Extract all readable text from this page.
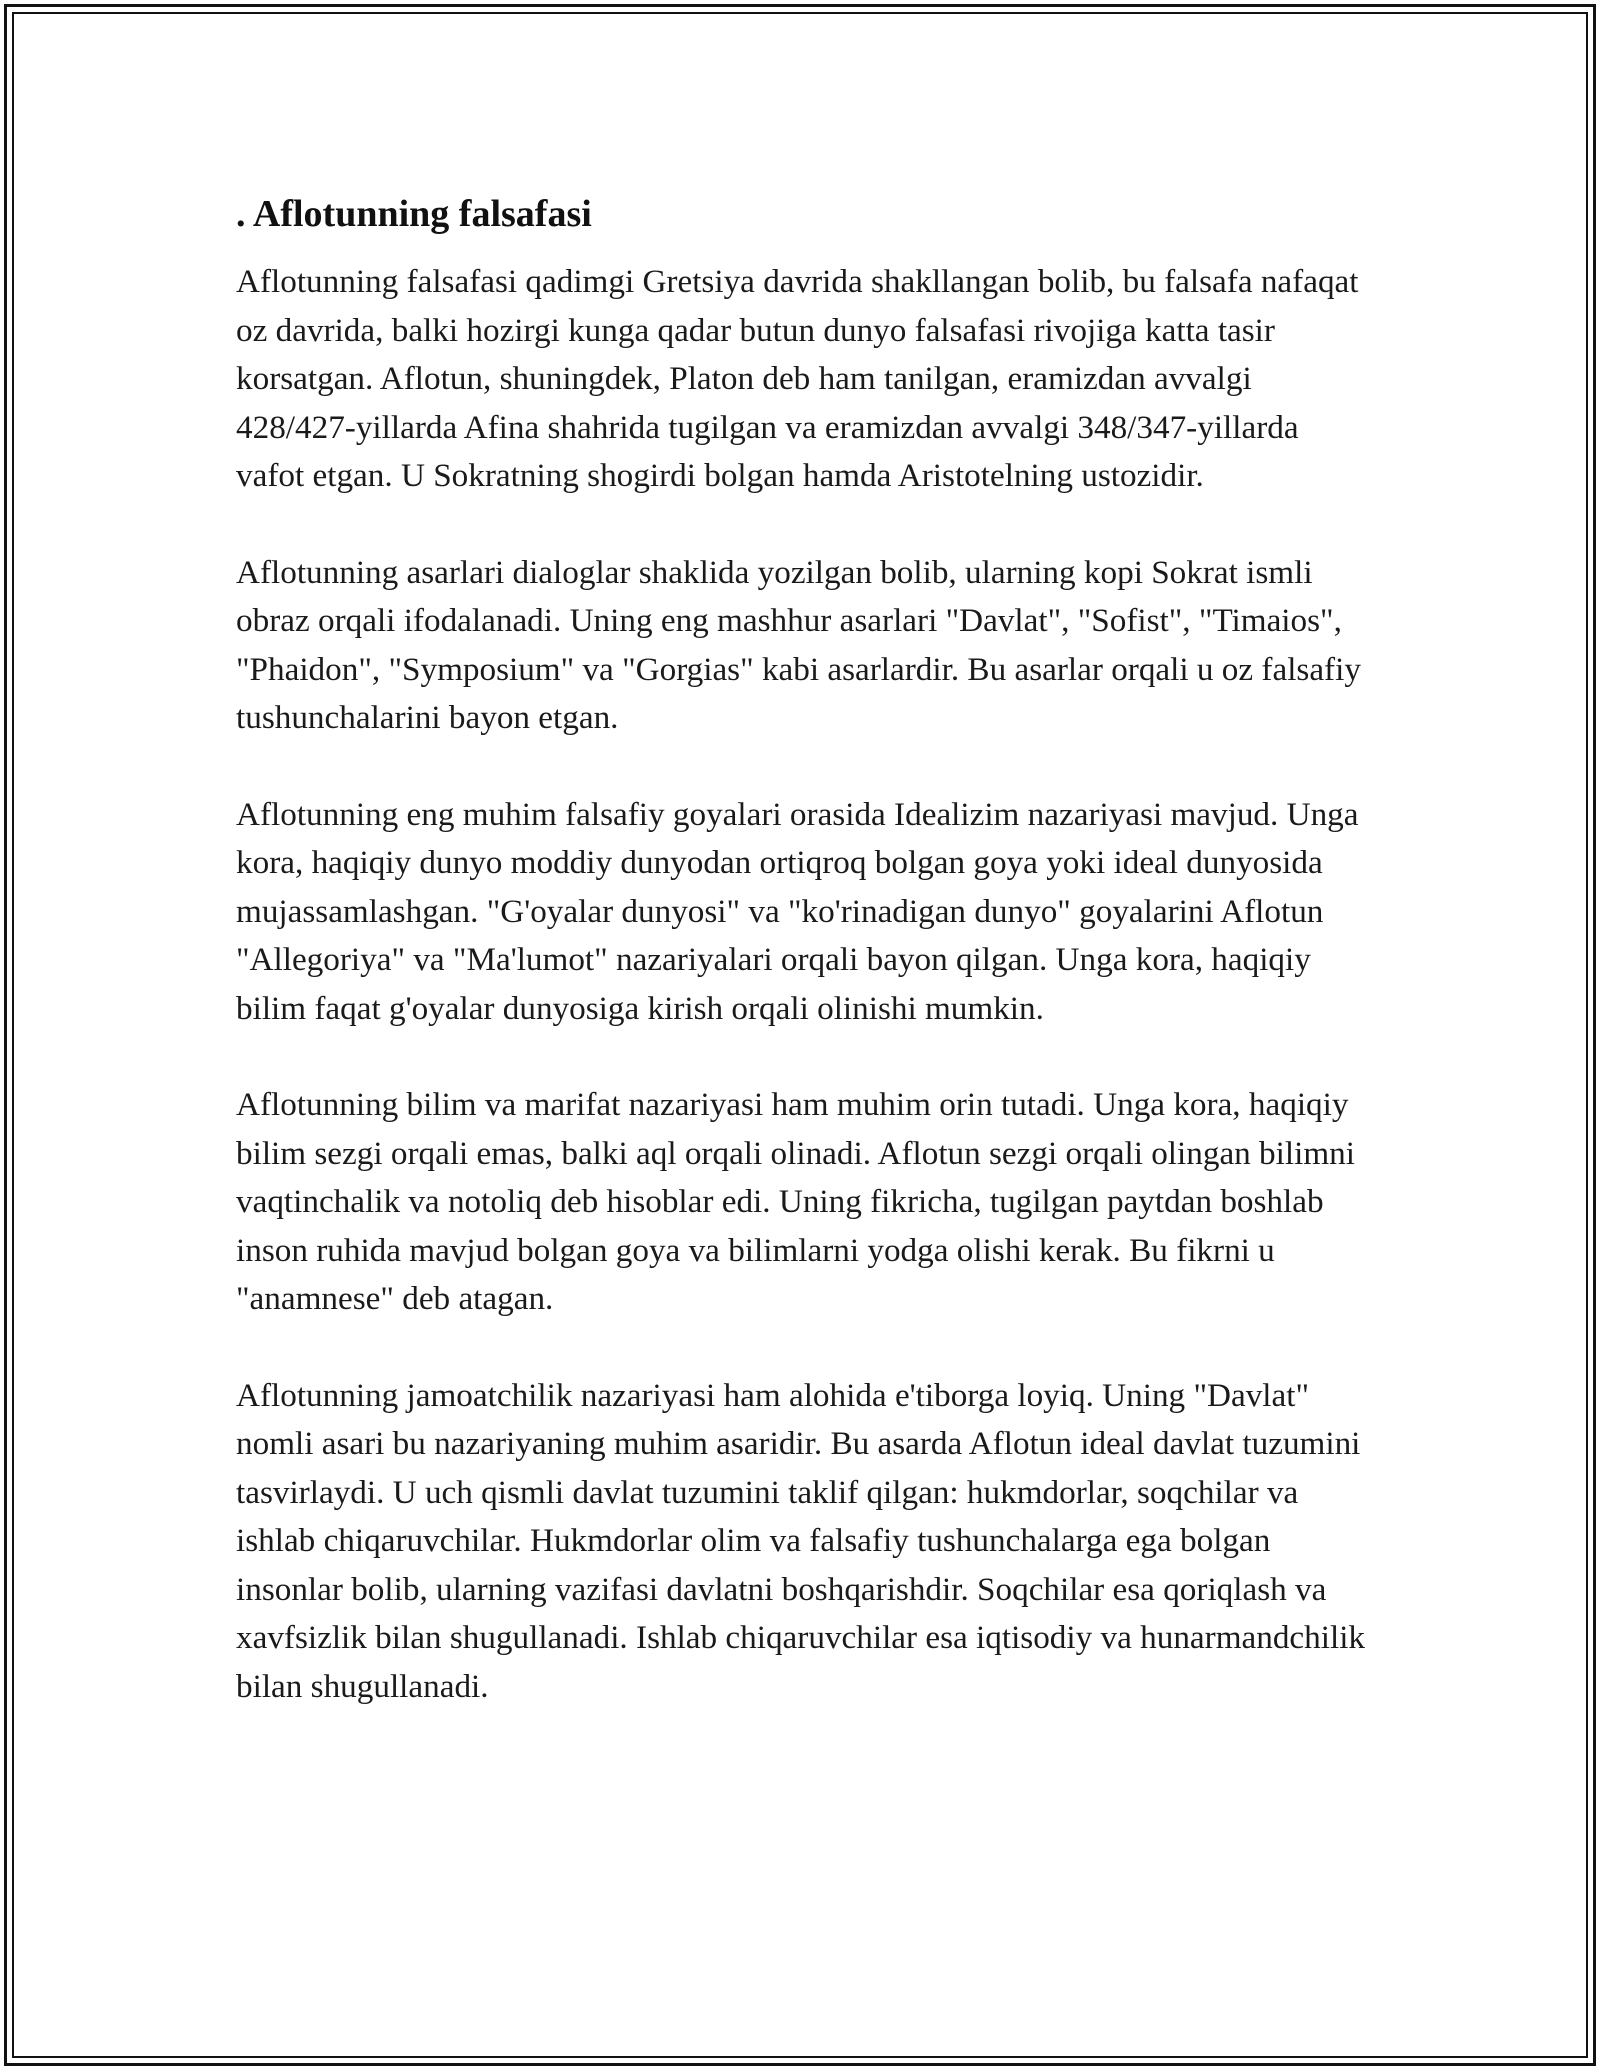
. Aflotunning falsafasi

Aflotunning falsafasi qadimgi Gretsiya davrida shakllangan bolib, bu falsafa nafaqat oz davrida, balki hozirgi kunga qadar butun dunyo falsafasi rivojiga katta tasir korsatgan. Aflotun, shuningdek, Platon deb ham tanilgan, eramizdan avvalgi 428/427-yillarda Afina shahrida tugilgan va eramizdan avvalgi 348/347-yillarda vafot etgan. U Sokratning shogirdi bolgan hamda Aristotelning ustozidir.

Aflotunning asarlari dialoglar shaklida yozilgan bolib, ularning kopi Sokrat ismli obraz orqali ifodalanadi. Uning eng mashhur asarlari "Davlat", "Sofist", "Timaios", "Phaidon", "Symposium" va "Gorgias" kabi asarlardir. Bu asarlar orqali u oz falsafiy tushunchalarini bayon etgan.

Aflotunning eng muhim falsafiy goyalari orasida Idealizim nazariyasi mavjud. Unga kora, haqiqiy dunyo moddiy dunyodan ortiqroq bolgan goya yoki ideal dunyosida mujassamlashgan. "G'oyalar dunyosi" va "ko'rinadigan dunyo" goyalarini Aflotun "Allegoriya" va "Ma'lumot" nazariyalari orqali bayon qilgan. Unga kora, haqiqiy bilim faqat g'oyalar dunyosiga kirish orqali olinishi mumkin.

Aflotunning bilim va marifat nazariyasi ham muhim orin tutadi. Unga kora, haqiqiy bilim sezgi orqali emas, balki aql orqali olinadi. Aflotun sezgi orqali olingan bilimni vaqtinchalik va notoliq deb hisoblar edi. Uning fikricha, tugilgan paytdan boshlab inson ruhida mavjud bolgan goya va bilimlarni yodga olishi kerak. Bu fikrni u "anamnese" deb atagan.

Aflotunning jamoatchilik nazariyasi ham alohida e'tiborga loyiq. Uning "Davlat" nomli asari bu nazariyaning muhim asaridir. Bu asarda Aflotun ideal davlat tuzumini tasvirlaydi. U uch qismli davlat tuzumini taklif qilgan: hukmdorlar, soqchilar va ishlab chiqaruvchilar. Hukmdorlar olim va falsafiy tushunchalarga ega bolgan insonlar bolib, ularning vazifasi davlatni boshqarishdir. Soqchilar esa qoriqlash va xavfsizlik bilan shugullanadi. Ishlab chiqaruvchilar esa iqtisodiy va hunarmandchilik bilan shugullanadi.
